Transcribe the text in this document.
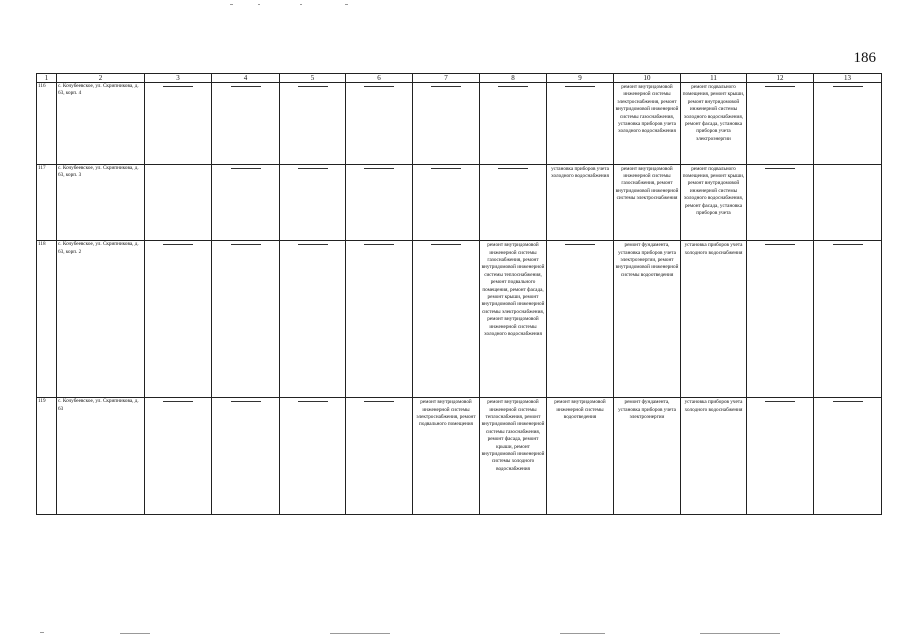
186
1	2	3	4	5	6	7	8	9	10	11	12	13
116	с. Кочубеевское, ул. Скрипникова, д. 63, корп. 4								ремонт внутридомовой инженерной системы электроснабжения, ремонт внутридомовой инженерной системы газоснабжения, установка приборов учета холодного водоснабжения	ремонт подвального помещения, ремонт крыши, ремонт внутридомовой инженерной системы холодного водоснабжения, ремонт фасада, установка приборов учета электроэнергии		

117	с. Кочубеевское, ул. Скрипникова, д. 63, корп. 3							установка приборов учета холодного водоснабжения	ремонт внутридомовой инженерной системы газоснабжения, ремонт внутридомовой инженерной системы электроснабжения	ремонт подвального помещения, ремонт крыши, ремонт внутридомовой инженерной системы холодного водоснабжения, ремонт фасада, установка приборов учета		

118	с. Кочубеевское, ул. Скрипникова, д. 63, корп. 2						ремонт внутридомовой инженерной системы газоснабжения, ремонт внутридомовой инженерной системы теплоснабжения, ремонт подвального помещения, ремонт фасада, ремонт крыши, ремонт внутридомовой инженерной системы электроснабжения, ремонт внутридомовой инженерной системы холодного водоснабжения		ремонт фундамента, установка приборов учета электроэнергии, ремонт внутридомовой инженерной системы водоотведения	установка приборов учета холодного водоснабжения		

119	с. Кочубеевское, ул. Скрипникова, д. 63					ремонт внутридомовой инженерной системы электроснабжения, ремонт подвального помещения	ремонт внутридомовой инженерной системы теплоснабжения, ремонт внутридомовой инженерной системы газоснабжения, ремонт фасада, ремонт крыши, ремонт внутридомовой инженерной системы холодного водоснабжения	ремонт внутридомовой инженерной системы водоотведения	ремонт фундамента, установка приборов учета электроэнергии	установка приборов учета холодного водоснабжения		
